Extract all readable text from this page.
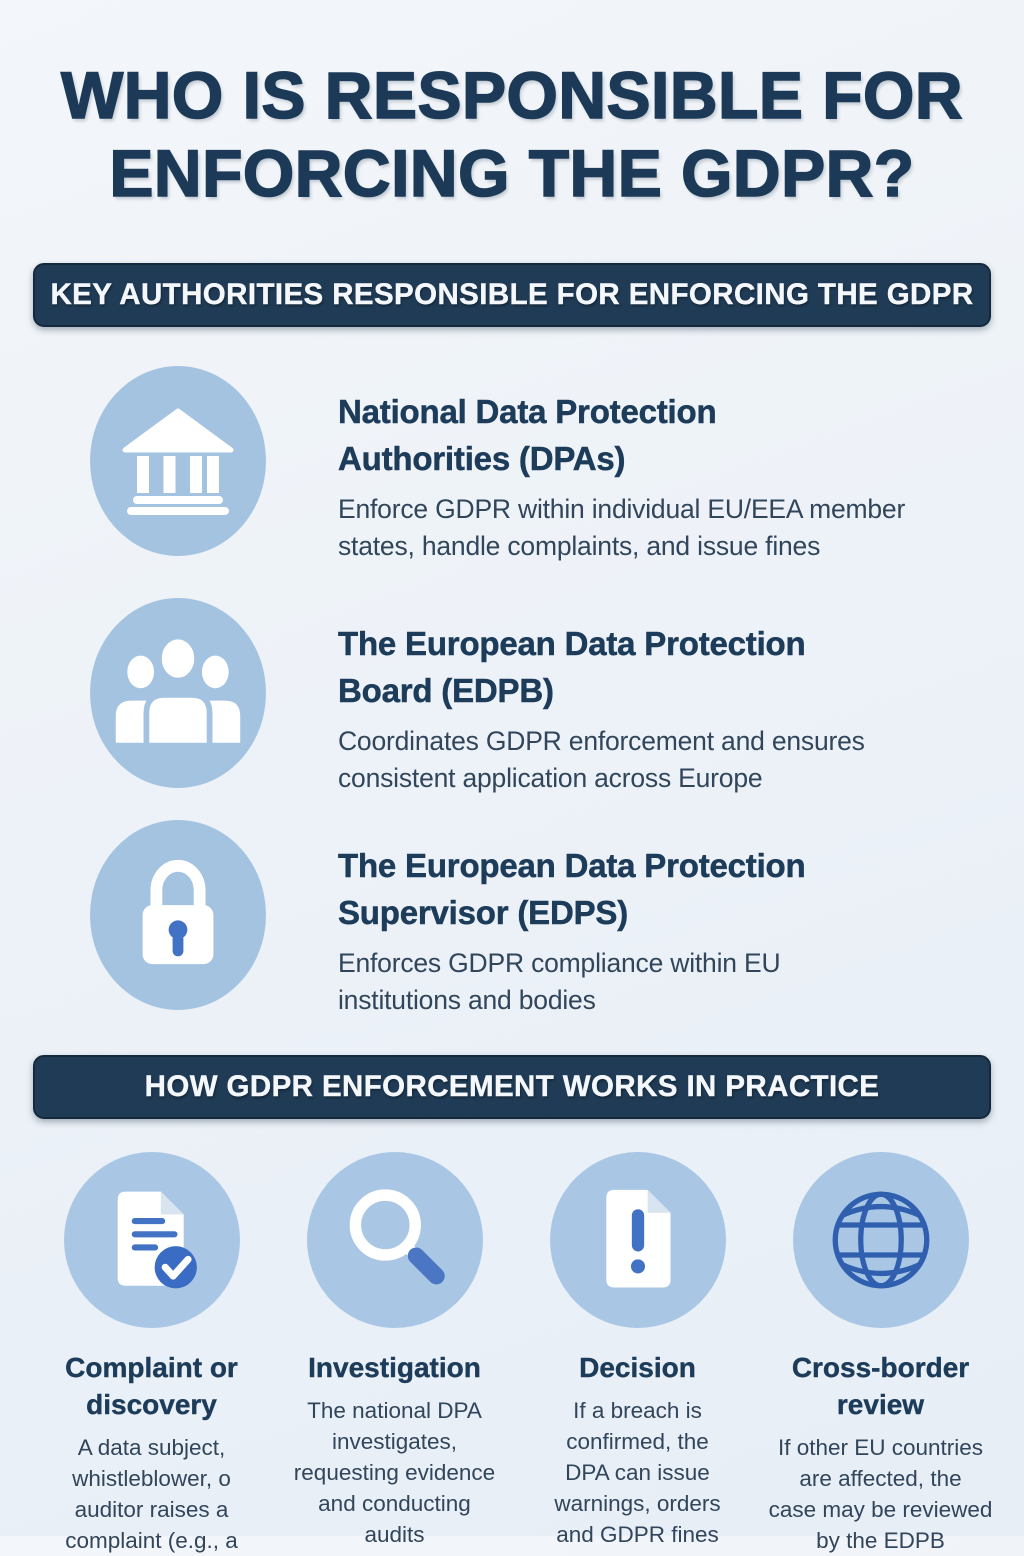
WHO IS RESPONSIBLE FOR
ENFORCING THE GDPR?
KEY AUTHORITIES RESPONSIBLE FOR ENFORCING THE GDPR
National Data Protection
Authorities (DPAs)
Enforce GDPR within individual EU/EEA member
states, handle complaints, and issue fines
The European Data Protection
Board (EDPB)
Coordinates GDPR enforcement and ensures
consistent application across Europe
The European Data Protection
Supervisor (EDPS)
Enforces GDPR compliance within EU
institutions and bodies
HOW GDPR ENFORCEMENT WORKS IN PRACTICE
Complaint or discovery
A data subject,
whistleblower, o
auditor raises a
complaint (e.g., a
Investigation
The national DPA
investigates,
requesting evidence
and conducting
audits
Decision
If a breach is
confirmed, the
DPA can issue
warnings, orders
and GDPR fines
Cross-border review
If other EU countries
are affected, the
case may be reviewed
by the EDPB
